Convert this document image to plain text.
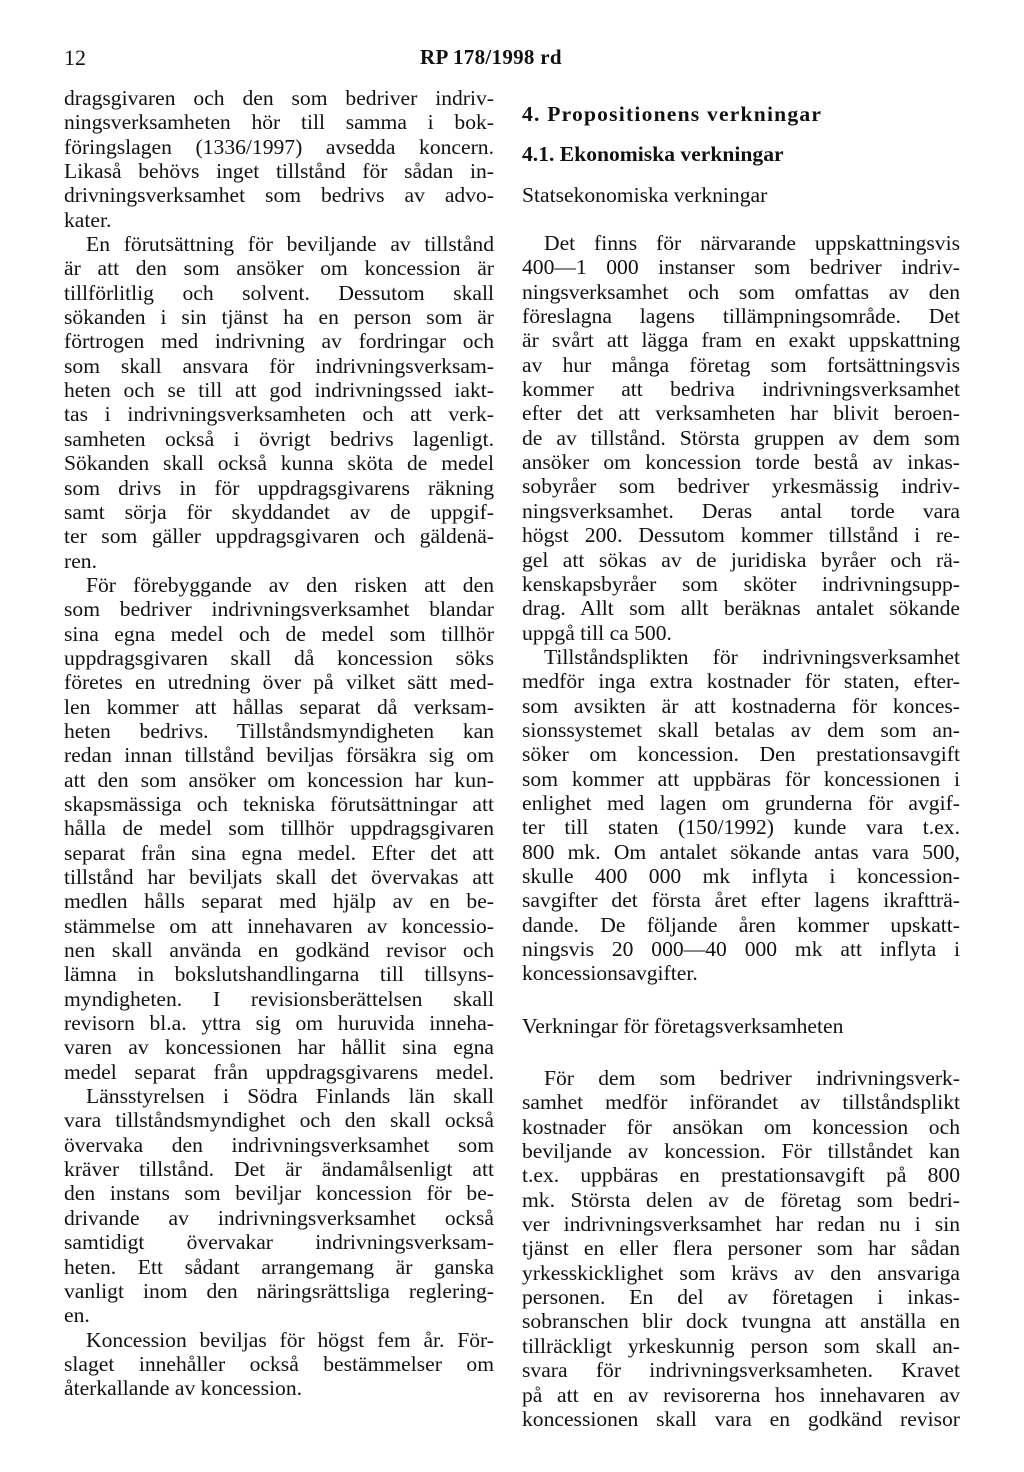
12	RP 178/1998 rd
dragsgivaren och den som bedriver indriv-
ningsverksamheten hör till samma i bok-
föringslagen (1336/1997) avsedda koncern.
Likaså behövs inget tillstånd för sådan in-
drivningsverksamhet som bedrivs av advo-
kater.
En förutsättning för beviljande av tillstånd
är att den som ansöker om koncession är
tillförlitlig och solvent. Dessutom skall
sökanden i sin tjänst ha en person som är
förtrogen med indrivning av fordringar och
som skall ansvara för indrivningsverksam-
heten och se till att god indrivningssed iakt-
tas i indrivningsverksamheten och att verk-
samheten också i övrigt bedrivs lagenligt.
Sökanden skall också kunna sköta de medel
som drivs in för uppdragsgivarens räkning
samt sörja för skyddandet av de uppgif-
ter som gäller uppdragsgivaren och gäldenä-
ren.
För förebyggande av den risken att den
som bedriver indrivningsverksamhet blandar
sina egna medel och de medel som tillhör
uppdragsgivaren skall då koncession söks
företes en utredning över på vilket sätt med-
len kommer att hållas separat då verksam-
heten bedrivs. Tillståndsmyndigheten kan
redan innan tillstånd beviljas försäkra sig om
att den som ansöker om koncession har kun-
skapsmässiga och tekniska förutsättningar att
hålla de medel som tillhör uppdragsgivaren
separat från sina egna medel. Efter det att
tillstånd har beviljats skall det övervakas att
medlen hålls separat med hjälp av en be-
stämmelse om att innehavaren av koncessio-
nen skall använda en godkänd revisor och
lämna in bokslutshandlingarna till tillsyns-
myndigheten. I revisionsberättelsen skall
revisorn bl.a. yttra sig om huruvida inneha-
varen av koncessionen har hållit sina egna
medel separat från uppdragsgivarens medel.
Länsstyrelsen i Södra Finlands län skall
vara tillståndsmyndighet och den skall också
övervaka den indrivningsverksamhet som
kräver tillstånd. Det är ändamålsenligt att
den instans som beviljar koncession för be-
drivande av indrivningsverksamhet också
samtidigt övervakar indrivningsverksam-
heten. Ett sådant arrangemang är ganska
vanligt inom den näringsrättsliga reglering-
en.
Koncession beviljas för högst fem år. För-
slaget innehåller också bestämmelser om
återkallande av koncession.
4. Propositionens verkningar
4.1. Ekonomiska verkningar
Statsekonomiska verkningar
Det finns för närvarande uppskattningsvis
400—1 000 instanser som bedriver indriv-
ningsverksamhet och som omfattas av den
föreslagna lagens tillämpningsområde. Det
är svårt att lägga fram en exakt uppskattning
av hur många företag som fortsättningsvis
kommer att bedriva indrivningsverksamhet
efter det att verksamheten har blivit beroen-
de av tillstånd. Största gruppen av dem som
ansöker om koncession torde bestå av inkas-
sobyråer som bedriver yrkesmässig indriv-
ningsverksamhet. Deras antal torde vara
högst 200. Dessutom kommer tillstånd i re-
gel att sökas av de juridiska byråer och rä-
kenskapsbyråer som sköter indrivningsupp-
drag. Allt som allt beräknas antalet sökande
uppgå till ca 500.
Tillståndsplikten för indrivningsverksamhet
medför inga extra kostnader för staten, efter-
som avsikten är att kostnaderna för konces-
sionssystemet skall betalas av dem som an-
söker om koncession. Den prestationsavgift
som kommer att uppbäras för koncessionen i
enlighet med lagen om grunderna för avgif-
ter till staten (150/1992) kunde vara t.ex.
800 mk. Om antalet sökande antas vara 500,
skulle 400 000 mk inflyta i koncession-
savgifter det första året efter lagens ikraftträ-
dande. De följande åren kommer upskatt-
ningsvis 20 000—40 000 mk att inflyta i
koncessionsavgifter.
Verkningar för företagsverksamheten
För dem som bedriver indrivningsverk-
samhet medför införandet av tillståndsplikt
kostnader för ansökan om koncession och
beviljande av koncession. För tillståndet kan
t.ex. uppbäras en prestationsavgift på 800
mk. Största delen av de företag som bedri-
ver indrivningsverksamhet har redan nu i sin
tjänst en eller flera personer som har sådan
yrkesskicklighet som krävs av den ansvariga
personen. En del av företagen i inkas-
sobranschen blir dock tvungna att anställa en
tillräckligt yrkeskunnig person som skall an-
svara för indrivningsverksamheten. Kravet
på att en av revisorerna hos innehavaren av
koncessionen skall vara en godkänd revisor
